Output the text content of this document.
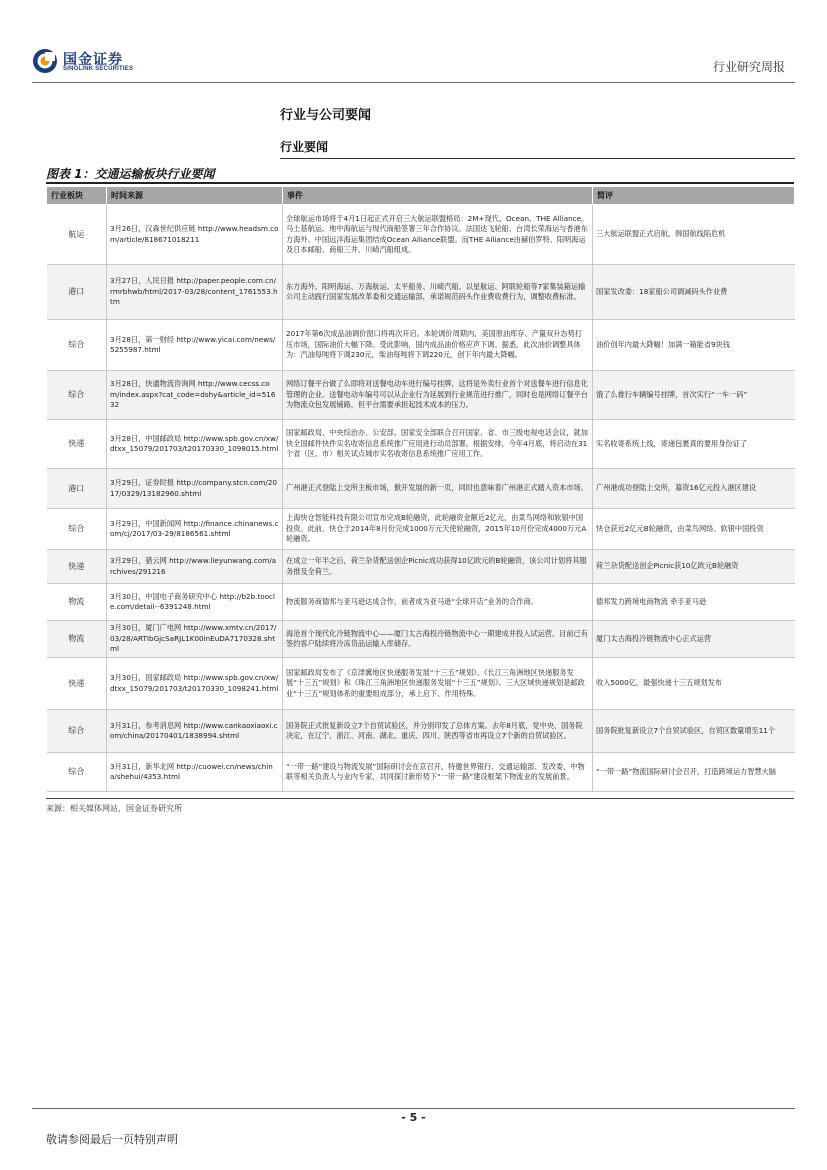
国金证券
SINOLINK SECURITIES	行业研究周报
行业与公司要闻
行业要闻
图表 1：交通运输板块行业要闻
行业板块	时间来源	事件	简评
航运	3月26日，汉森世纪供应链 http://www.headsm.com/article/818671018211	全球航运市场将于4月1日起正式开启三大航运联盟格局：2M+现代、Ocean、THE Alliance。马士基航运、地中海航运与现代商船签署三年合作协议。法国达飞轮船、台湾长荣海运与香港东方海外、中国远洋海运集团结成Ocean Alliance联盟。而THE Alliance由赫伯罗特、阳明海运及日本邮船、商船三井、川崎汽船组成。	三大航运联盟正式启航，韩国航线陷危机
港口	3月27日，人民日报 http://paper.people.com.cn/rmrbhwb/html/2017-03/28/content_1761553.htm	东方海外、阳明海运、万海航运、太平船务、川崎汽船、以星航运、阿联轮船等7家集装箱运输公司主动践行国家发展改革委和交通运输部，承诺规范码头作业费收费行为，调整收费标准。	国家发改委：18家船公司调减码头作业费
综合	3月28日，第一财经 http://www.yicai.com/news/5255987.html	2017年第6次成品油调价窗口将再次开启。本轮调价周期内，美国原油库存、产量双升态势打压市场，国际油价大幅下降。受此影响，国内成品油价格应声下调。据悉，此次油价调整具体为：汽油每吨将下调230元，柴油每吨将下调220元，创下年内最大降幅。	油价创年内最大降幅！加满一箱能省9块钱
综合	3月28日，快通物流咨询网 http://www.cecss.com/index.aspx?cat_code=dshy&article_id=51632	网络订餐平台做了么即将对送餐电动车进行编号挂牌，这将是外卖行业首个对送餐车进行信息化管理的企业。送餐电动车编号可以从企业行为延展到行业规范进行推广，同时也是网络订餐平台为物流众包发展铺路，但平台需要承担起技术成本的压力。	饿了么推行车辆编号挂牌，首次实行“一车一码”
快递	3月28日，中国邮政局 http://www.spb.gov.cn/xw/dtxx_15079/201703/t20170330_1098015.html	国家邮政局、中央综治办、公安部、国家安全部联合召开国家、省、市三级电视电话会议，就加快全国邮件快件实名收寄信息系统推广应用进行动员部署。根据安排，今年4月底，将启动在31个省（区、市）相关试点城市实名收寄信息系统推广应用工作。	实名收寄系统上线，寄递包裹真的要用身份证了
港口	3月29日，证券时报 http://company.stcn.com/2017/0329/13182960.shtml	广州港正式登陆上交所主板市场，掀开发展的新一页，同时也意味着广州港正式踏入资本市场。	广州港成功登陆上交所，募资16亿元投入港区建设
综合	3月29日，中国新闻网 http://finance.chinanews.com/cj/2017/03-29/8186561.shtml	上海快仓智能科技有限公司宣布完成B轮融资，此轮融资金额近2亿元，由菜鸟网络和软银中国投资。此前，快仓于2014年8月份完成1000万元天使轮融资，2015年10月份完成4000万元A轮融资。	快仓获近2亿元B轮融资，由菜鸟网络、软银中国投资
快递	3月29日，猎云网 http://www.lieyunwang.com/archives/291216	在成立一年半之后，荷兰杂货配送创企Picnic成功获得10亿欧元的B轮融资，该公司计划将其服务推及全荷兰。	荷兰杂货配送创企Picnic获10亿欧元B轮融资
物流	3月30日，中国电子商务研究中心 http://b2b.toocle.com/detail--6391248.html	物流服务商德邦与亚马逊达成合作，前者成为亚马逊“全球开店”业务的合作商。	德邦发力跨境电商物流 牵手亚马逊
物流	3月30日，厦门广电网 http://www.xmtv.cn/2017/03/28/ARTIbGjcSaRJL1K00inEuDA7170328.shtml	海沧首个现代化冷链物流中心——厦门太古海投冷链物流中心一期建成并投入试运营，目前已有签约客户陆续将冷冻货品运输入库储存。	厦门太古海投冷链物流中心正式运营
快递	3月30日，国家邮政局 http://www.spb.gov.cn/xw/dtxx_15079/201703/t20170330_1098241.html	国家邮政局发布了《京津冀地区快递服务发展“十三五”规划》、《长江三角洲地区快递服务发展“十三五”规划》和《珠江三角洲地区快递服务发展“十三五”规划》。三大区域快递规划是邮政业“十三五”规划体系的重要组成部分，承上启下、作用特殊。	收入5000亿，最强快递十三五规划发布
综合	3月31日，参考消息网 http://www.cankaoxiaoxi.com/china/20170401/1838994.shtml	国务院正式批复新设立7个自贸试验区，并分别印发了总体方案。去年8月底，党中央、国务院决定，在辽宁、浙江、河南、湖北、重庆、四川、陕西等省市再设立7个新的自贸试验区。	国务院批复新设立7个自贸试验区，自贸区数量增至11个
综合	3月31日，新华北网 http://cuowei.cn/news/china/shehui/4353.html	“一带一路”建设与物流发展”国际研讨会在京召开，特邀世界银行、交通运输部、发改委、中物联等相关负责人与业内专家，共同探讨新形势下“一带一路”建设框架下物流业的发展前景。	“一带一路”物流国际研讨会召开，打造跨境运力智慧大脑
来源：相关媒体网站，国金证券研究所
- 5 -
敬请参阅最后一页特别声明
